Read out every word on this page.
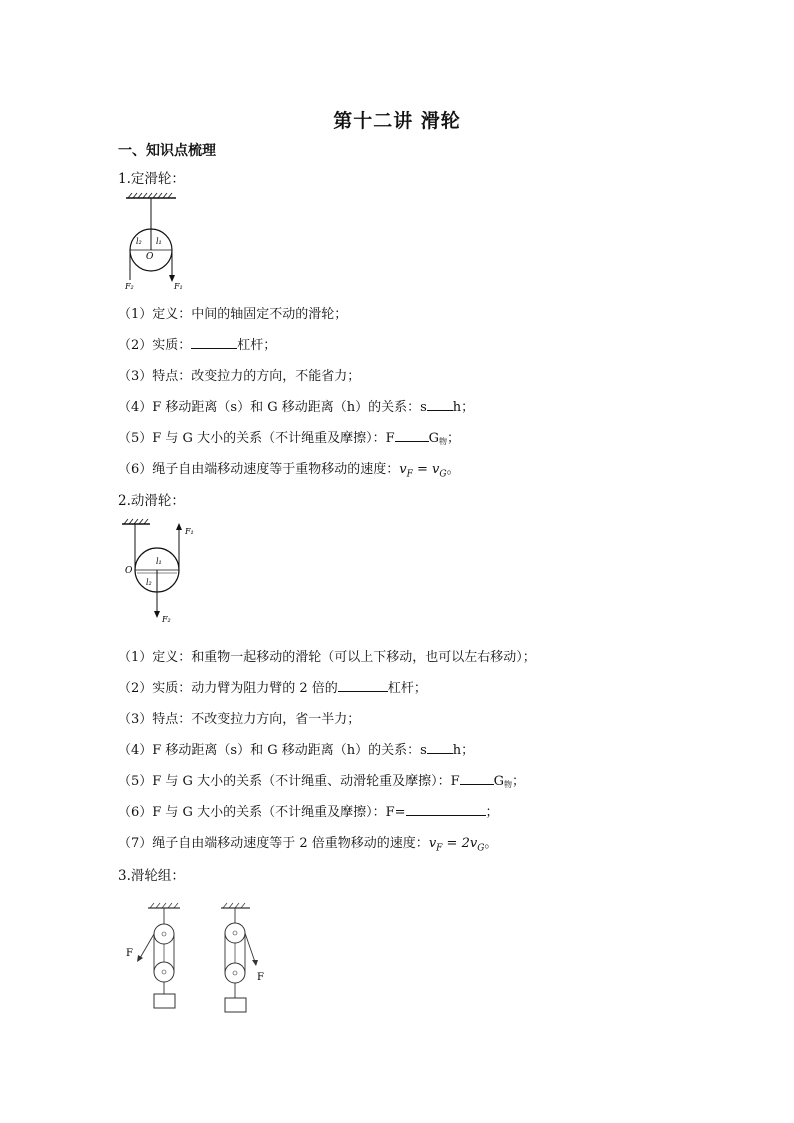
第十二讲 滑轮
一、知识点梳理
1.定滑轮：
l₂ l₁
O
F₂	F₁
（1）定义：中间的轴固定不动的滑轮；
（2）实质：	杠杆；
（3）特点：改变拉力的方向，不能省力；
（4）F 移动距离（s）和 G 移动距离（h）的关系：s h；
（5）F 与 G 大小的关系（不计绳重及摩擦）：F	$G_物$；
（6）绳子自由端移动速度等于重物移动的速度：$v_F = v_G$。
2.动滑轮：
F₁
l₁
O
l₂
F₂
（1）定义：和重物一起移动的滑轮（可以上下移动，也可以左右移动）；
（2）实质：动力臂为阻力臂的 2 倍的	杠杆；
（3）特点：不改变拉力方向，省一半力；
（4）F 移动距离（s）和 G 移动距离（h）的关系：s h；
（5）F 与 G 大小的关系（不计绳重、动滑轮重及摩擦）：F	$G_物$；
（6）F 与 G 大小的关系（不计绳重及摩擦）：F=	；
（7）绳子自由端移动速度等于 2 倍重物移动的速度：$v_F = 2v_G$。
3.滑轮组：
F
F
